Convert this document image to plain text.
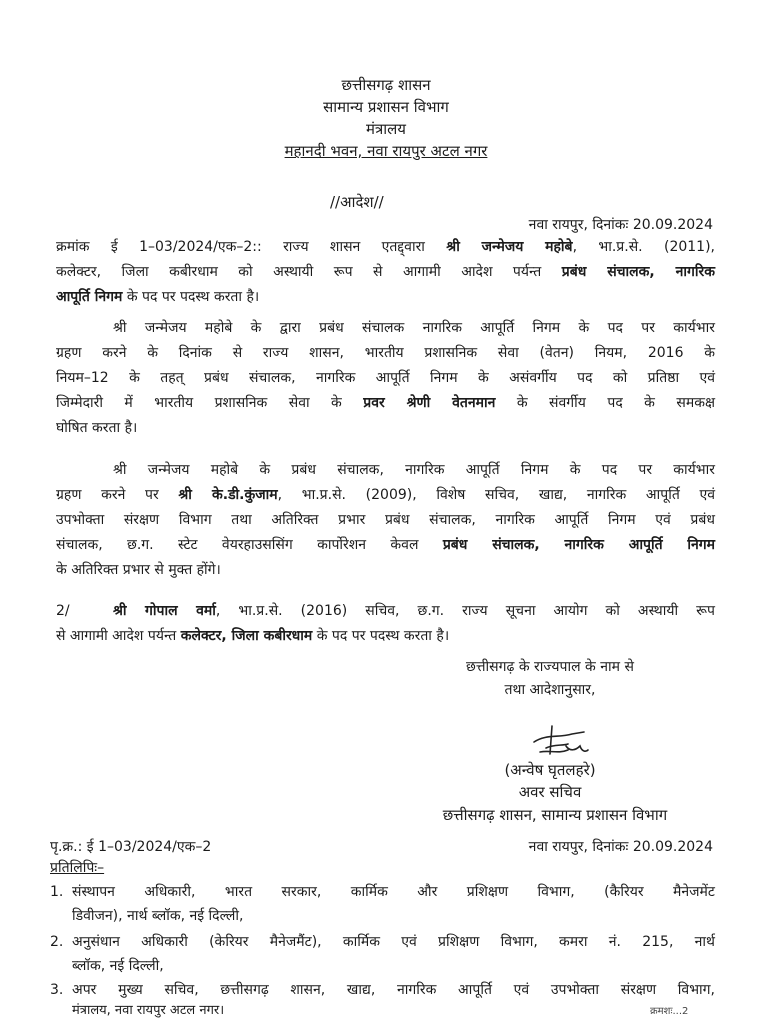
छत्तीसगढ़ शासन
सामान्य प्रशासन विभाग
मंत्रालय
महानदी भवन, नवा रायपुर अटल नगर
//आदेश//
नवा रायपुर, दिनांकः 20.09.2024
क्रमांक ई 1–03/2024/एक–2:: राज्य शासन एतद्द्वारा श्री जन्मेजय महोबे, भा.प्र.से. (2011),
कलेक्टर, जिला कबीरधाम को अस्थायी रूप से आगामी आदेश पर्यन्त प्रबंध संचालक, नागरिक
आपूर्ति निगम के पद पर पदस्थ करता है।
श्री जन्मेजय महोबे के द्वारा प्रबंध संचालक नागरिक आपूर्ति निगम के पद पर कार्यभार
ग्रहण करने के दिनांक से राज्य शासन, भारतीय प्रशासनिक सेवा (वेतन) नियम, 2016 के
नियम–12 के तहत् प्रबंध संचालक, नागरिक आपूर्ति निगम के असंवर्गीय पद को प्रतिष्ठा एवं
जिम्मेदारी में भारतीय प्रशासनिक सेवा के प्रवर श्रेणी वेतनमान के संवर्गीय पद के समकक्ष
घोषित करता है।
श्री जन्मेजय महोबे के प्रबंध संचालक, नागरिक आपूर्ति निगम के पद पर कार्यभार
ग्रहण करने पर श्री के.डी.कुंजाम, भा.प्र.से. (2009), विशेष सचिव, खाद्य, नागरिक आपूर्ति एवं
उपभोक्ता संरक्षण विभाग तथा अतिरिक्त प्रभार प्रबंध संचालक, नागरिक आपूर्ति निगम एवं प्रबंध
संचालक, छ.ग. स्टेट वेयरहाउससिंग कार्पोरेशन केवल प्रबंध संचालक, नागरिक आपूर्ति निगम
के अतिरिक्त प्रभार से मुक्त होंगे।
2/	श्री गोपाल वर्मा, भा.प्र.से. (2016) सचिव, छ.ग. राज्य सूचना आयोग को अस्थायी रूप
से आगामी आदेश पर्यन्त कलेक्टर, जिला कबीरधाम के पद पर पदस्थ करता है।
छत्तीसगढ़ के राज्यपाल के नाम से
तथा आदेशानुसार,
(अन्वेष घृतलहरे)
अवर सचिव
छत्तीसगढ़ शासन, सामान्य प्रशासन विभाग
पृ.क्र.: ई 1–03/2024/एक–2	नवा रायपुर, दिनांकः 20.09.2024
प्रतिलिपिः–
1. संस्थापन अधिकारी, भारत सरकार, कार्मिक और प्रशिक्षण विभाग, (कैरियर मैनेजमेंट
डिवीजन), नार्थ ब्लॉक, नई दिल्ली,
2. अनुसंधान अधिकारी (केरियर मैनेजमैंट), कार्मिक एवं प्रशिक्षण विभाग, कमरा नं. 215, नार्थ
ब्लॉक, नई दिल्ली,
3. अपर मुख्य सचिव, छत्तीसगढ़ शासन, खाद्य, नागरिक आपूर्ति एवं उपभोक्ता संरक्षण विभाग,
मंत्रालय, नवा रायपुर अटल नगर।	क्रमशः...2
